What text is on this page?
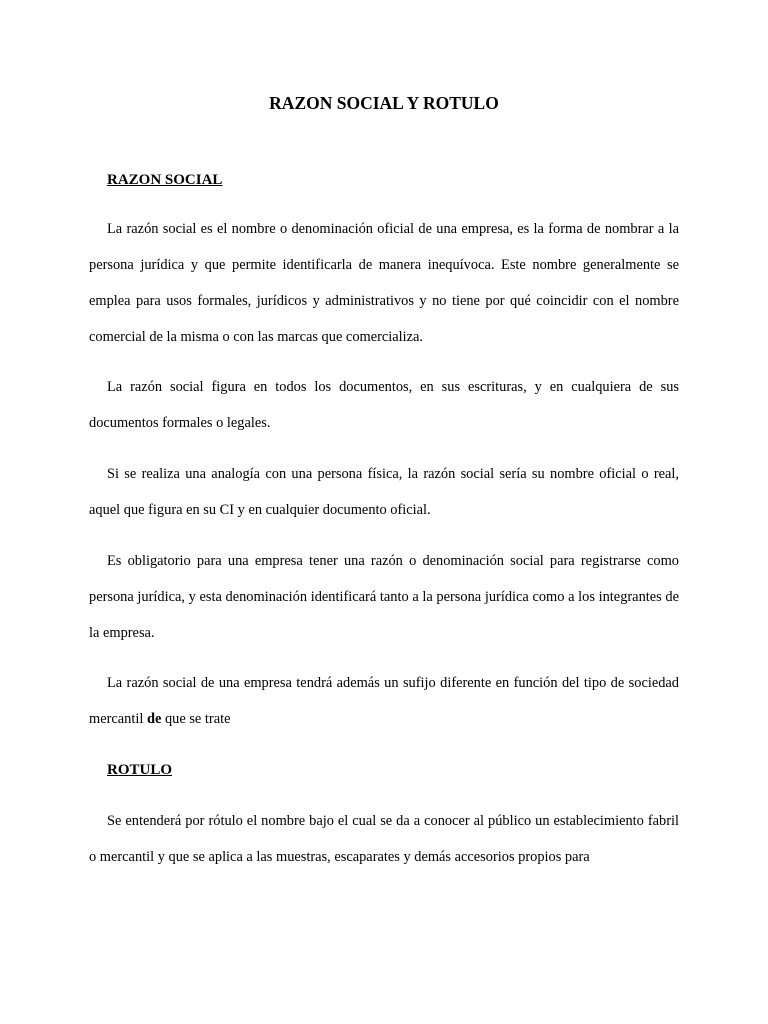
RAZON SOCIAL Y ROTULO
RAZON SOCIAL

La razón social es el nombre o denominación oficial de una empresa, es la forma de nombrar a la persona jurídica y que permite identificarla de manera inequívoca. Este nombre generalmente se emplea para usos formales, jurídicos y administrativos y no tiene por qué coincidir con el nombre comercial de la misma o con las marcas que comercializa.

La razón social figura en todos los documentos, en sus escrituras, y en cualquiera de sus documentos formales o legales.

Si se realiza una analogía con una persona física, la razón social sería su nombre oficial o real, aquel que figura en su CI y en cualquier documento oficial.

Es obligatorio para una empresa tener una razón o denominación social para registrarse como persona jurídica, y esta denominación identificará tanto a la persona jurídica como a los integrantes de la empresa.

La razón social de una empresa tendrá además un sufijo diferente en función del tipo de sociedad mercantil de que se trate

ROTULO

Se entenderá por rótulo el nombre bajo el cual se da a conocer al público un establecimiento fabril o mercantil y que se aplica a las muestras, escaparates y demás accesorios propios para
